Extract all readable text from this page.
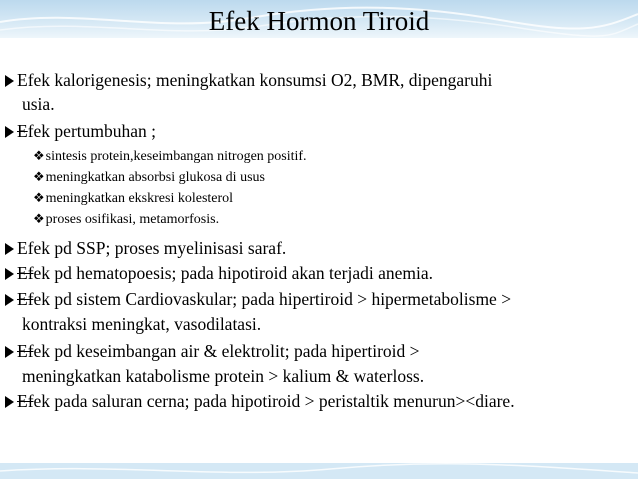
Efek Hormon Tiroid
Efek kalorigenesis; meningkatkan konsumsi O2, BMR, dipengaruhi
usia.
Efek pertumbuhan ;
❖sintesis protein,keseimbangan nitrogen positif.
❖meningkatkan absorbsi glukosa di usus
❖meningkatkan ekskresi kolesterol
❖proses osifikasi, metamorfosis.
Efek pd SSP; proses myelinisasi saraf.
Efek pd hematopoesis; pada hipotiroid akan terjadi anemia.
Efek pd sistem Cardiovaskular; pada hipertiroid > hipermetabolisme >
kontraksi meningkat, vasodilatasi.
Efek pd keseimbangan air & elektrolit; pada hipertiroid >
meningkatkan katabolisme protein > kalium & waterloss.
Efek pada saluran cerna; pada hipotiroid > peristaltik menurun><diare.
